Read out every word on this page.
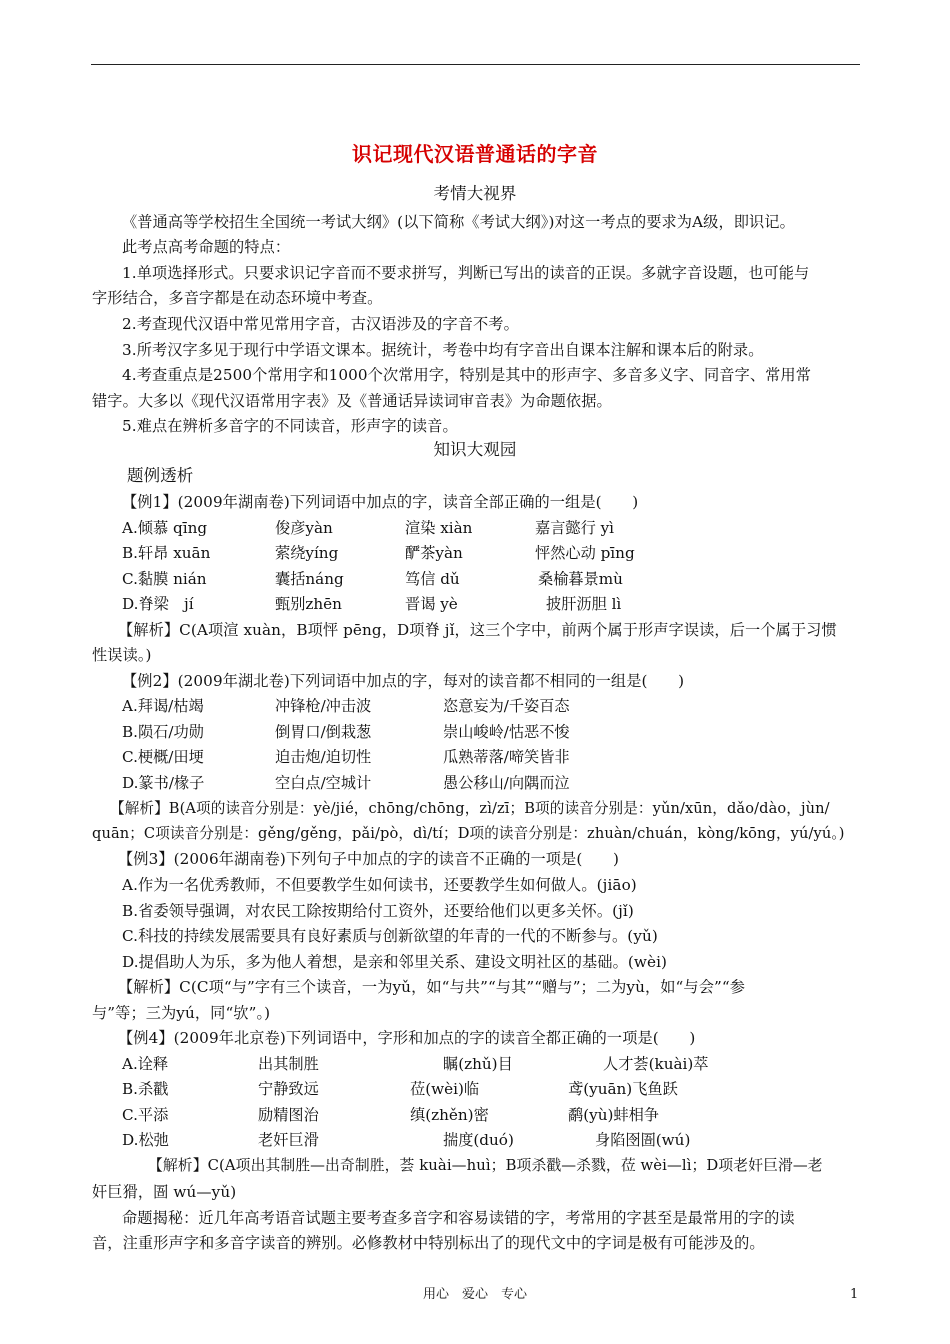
识记现代汉语普通话的字音
考情大视界
《普通高等学校招生全国统一考试大纲》(以下简称《考试大纲》)对这一考点的要求为A级，即识记。
此考点高考命题的特点：
1.单项选择形式。只要求识记字音而不要求拼写，判断已写出的读音的正误。多就字音设题，也可能与
字形结合，多音字都是在动态环境中考查。
2.考查现代汉语中常见常用字音，古汉语涉及的字音不考。
3.所考汉字多见于现行中学语文课本。据统计，考卷中均有字音出自课本注解和课本后的附录。
4.考查重点是2500个常用字和1000个次常用字，特别是其中的形声字、多音多义字、同音字、常用常
错字。大多以《现代汉语常用字表》及《普通话异读词审音表》为命题依据。
5.难点在辨析多音字的不同读音，形声字的读音。
知识大观园
题例透析
【例1】(2009年湖南卷)下列词语中加点的字，读音全部正确的一组是(　　)
A.倾慕 qīng	俊彦yàn	渲染 xiàn	嘉言懿行 yì
B.轩昂 xuān	萦绕yíng	酽茶yàn	怦然心动 pīng
C.黏膜 nián	囊括náng	笃信 dǔ	桑榆暮景mù
D.脊梁　jí	甄别zhēn	晋谒 yè	披肝沥胆 lì
【解析】C(A项渲 xuàn，B项怦 pēng，D项脊 jǐ，这三个字中，前两个属于形声字误读，后一个属于习惯
性误读。)
【例2】(2009年湖北卷)下列词语中加点的字，每对的读音都不相同的一组是(　　)
A.拜谒/枯竭	冲锋枪/冲击波	恣意妄为/千姿百态
B.陨石/功勋	倒胃口/倒栽葱	崇山峻岭/怙恶不悛
C.梗概/田埂	迫击炮/迫切性	瓜熟蒂落/啼笑皆非
D.篆书/椽子	空白点/空城计	愚公移山/向隅而泣
【解析】B(A项的读音分别是：yè/jié，chōng/chōng，zì/zī；B项的读音分别是：yǔn/xūn，dǎo/dào，jùn/
quān；C项读音分别是：gěng/gěng，pǎi/pò，dì/tí；D项的读音分别是：zhuàn/chuán，kòng/kōng，yú/yú。)
【例3】(2006年湖南卷)下列句子中加点的字的读音不正确的一项是(　　)
A.作为一名优秀教师，不但要教学生如何读书，还要教学生如何做人。(jiāo)
B.省委领导强调，对农民工除按期给付工资外，还要给他们以更多关怀。(jǐ)
C.科技的持续发展需要具有良好素质与创新欲望的年青的一代的不断参与。(yǔ)
D.提倡助人为乐，多为他人着想，是亲和邻里关系、建设文明社区的基础。(wèi)
【解析】C(C项“与”字有三个读音，一为yǔ，如“与共”“与其”“赠与”；二为yù，如“与会”“参
与”等；三为yú，同“欤”。)
【例4】(2009年北京卷)下列词语中，字形和加点的字的读音全都正确的一项是(　　)
A.诠释	出其制胜	瞩(zhǔ)目	人才荟(kuài)萃
B.杀戳	宁静致远	莅(wèi)临	鸢(yuān)飞鱼跃
C.平添	励精图治	缜(zhěn)密	鹬(yù)蚌相争
D.松弛	老奸巨滑	揣度(duó)	身陷囹圄(wú)
【解析】C(A项出其制胜—出奇制胜，荟 kuài—huì；B项杀戳—杀戮，莅 wèi—lì；D项老奸巨滑—老
奸巨猾，圄 wú—yǔ)
命题揭秘：近几年高考语音试题主要考查多音字和容易读错的字，考常用的字甚至是最常用的字的读
音，注重形声字和多音字读音的辨别。必修教材中特别标出了的现代文中的字词是极有可能涉及的。
用心　爱心　专心	1
